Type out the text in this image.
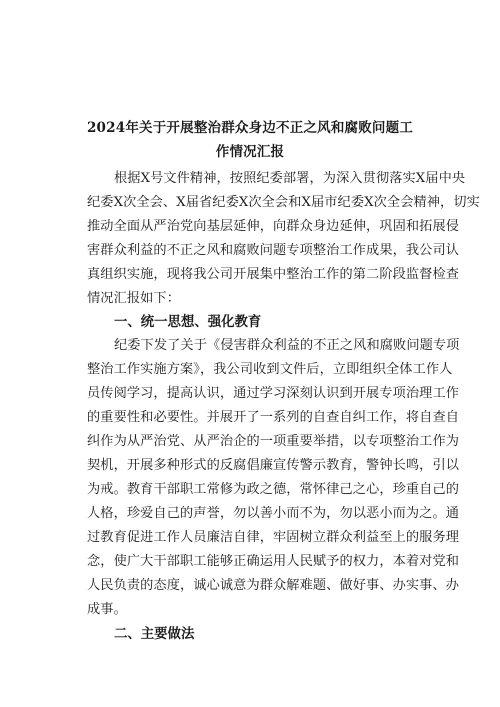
2024年关于开展整治群众身边不正之风和腐败问题工
作情况汇报
根据X号文件精神，按照纪委部署，为深入贯彻落实X届中央
纪委X次全会、X届省纪委X次全会和X届市纪委X次全会精神，切实
推动全面从严治党向基层延伸，向群众身边延伸，巩固和拓展侵
害群众利益的不正之风和腐败问题专项整治工作成果，我公司认
真组织实施，现将我公司开展集中整治工作的第二阶段监督检查
情况汇报如下：
一、统一思想、强化教育
纪委下发了关于《侵害群众利益的不正之风和腐败问题专项
整治工作实施方案》，我公司收到文件后，立即组织全体工作人
员传阅学习，提高认识，通过学习深刻认识到开展专项治理工作
的重要性和必要性。并展开了一系列的自查自纠工作，将自查自
纠作为从严治党、从严治企的一项重要举措，以专项整治工作为
契机，开展多种形式的反腐倡廉宣传警示教育，警钟长鸣，引以
为戒。教育干部职工常修为政之德，常怀律己之心，珍重自己的
人格，珍爱自己的声誉，勿以善小而不为，勿以恶小而为之。通
过教育促进工作人员廉洁自律，牢固树立群众利益至上的服务理
念，使广大干部职工能够正确运用人民赋予的权力，本着对党和
人民负责的态度，诚心诚意为群众解难题、做好事、办实事、办
成事。
二、主要做法
